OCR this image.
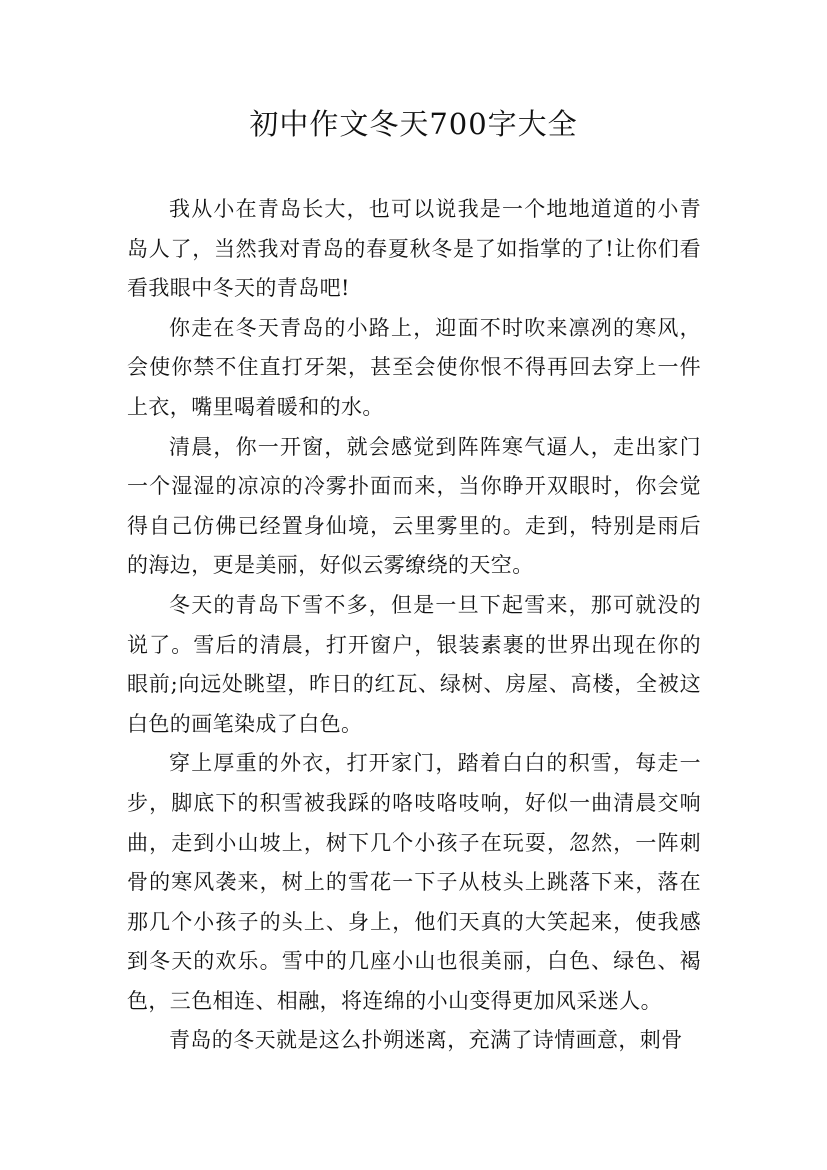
初中作文冬天700字大全

我从小在青岛长大，也可以说我是一个地地道道的小青岛人了，当然我对青岛的春夏秋冬是了如指掌的了!让你们看看我眼中冬天的青岛吧!

你走在冬天青岛的小路上，迎面不时吹来凛冽的寒风，会使你禁不住直打牙架，甚至会使你恨不得再回去穿上一件上衣，嘴里喝着暖和的水。

清晨，你一开窗，就会感觉到阵阵寒气逼人，走出家门一个湿湿的凉凉的冷雾扑面而来，当你睁开双眼时，你会觉得自己仿佛已经置身仙境，云里雾里的。走到，特别是雨后的海边，更是美丽，好似云雾缭绕的天空。

冬天的青岛下雪不多，但是一旦下起雪来，那可就没的说了。雪后的清晨，打开窗户，银装素裹的世界出现在你的眼前;向远处眺望，昨日的红瓦、绿树、房屋、高楼，全被这白色的画笔染成了白色。

穿上厚重的外衣，打开家门，踏着白白的积雪，每走一步，脚底下的积雪被我踩的咯吱咯吱响，好似一曲清晨交响曲，走到小山坡上，树下几个小孩子在玩耍，忽然，一阵刺骨的寒风袭来，树上的雪花一下子从枝头上跳落下来，落在那几个小孩子的头上、身上，他们天真的大笑起来，使我感到冬天的欢乐。雪中的几座小山也很美丽，白色、绿色、褐色，三色相连、相融，将连绵的小山变得更加风采迷人。

青岛的冬天就是这么扑朔迷离，充满了诗情画意，刺骨
